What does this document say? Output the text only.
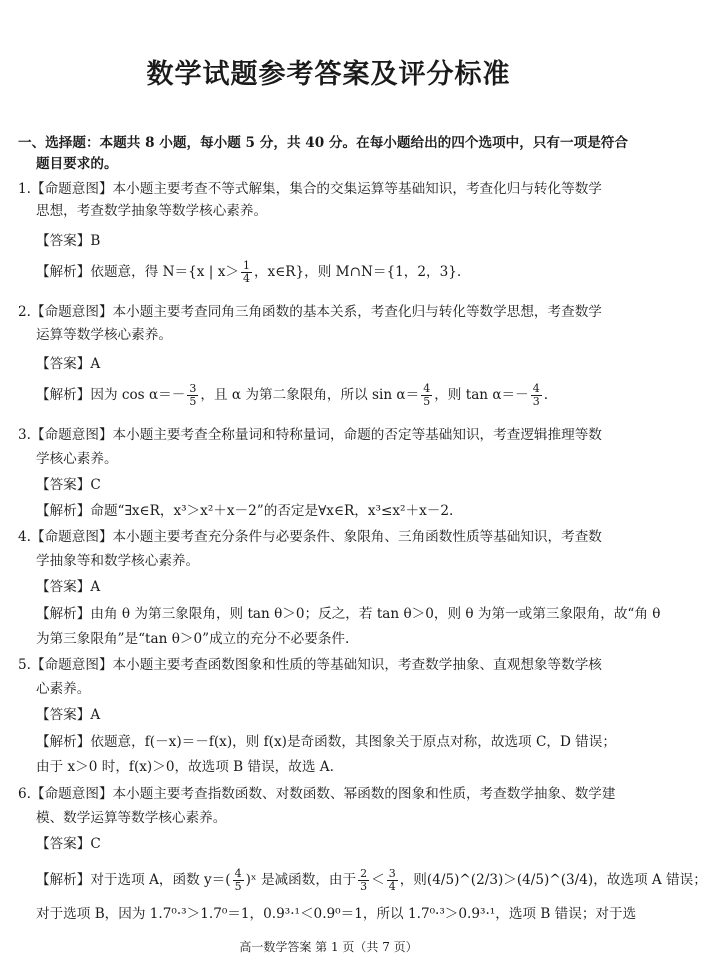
数学试题参考答案及评分标准
一、选择题：本题共 8 小题，每小题 5 分，共 40 分。在每小题给出的四个选项中，只有一项是符合
题目要求的。
1.【命题意图】本小题主要考查不等式解集，集合的交集运算等基础知识，考查化归与转化等数学
思想，考查数学抽象等数学核心素养。
【答案】B
【解析】依题意，得 N＝{x | $x> \frac{1}{4}$ ，x∈R}，则 M∩N＝{1，2，3}.
2.【命题意图】本小题主要考查同角三角函数的基本关系，考查化归与转化等数学思想，考查数学
运算等数学核心素养。
【答案】A
【解析】因为 $\cos \alpha=- \frac{3}{5}$ ，且 α 为第二象限角，所以 $\sin \alpha= \frac{4}{5}$ ，则 $\tan \alpha=- \frac{4}{3}$ .
3.【命题意图】本小题主要考查全称量词和特称量词，命题的否定等基础知识，考查逻辑推理等数
学核心素养。
【答案】C
【解析】命题“∃x∈R，x³＞x²＋x－2”的否定是∀x∈R，x³≤x²＋x－2.
4.【命题意图】本小题主要考查充分条件与必要条件、象限角、三角函数性质等基础知识，考查数
学抽象等和数学核心素养。
【答案】A
【解析】由角 θ 为第三象限角，则 tan θ＞0；反之，若 tan θ＞0，则 θ 为第一或第三象限角，故“角 θ
为第三象限角”是“tan θ＞0”成立的充分不必要条件.
5.【命题意图】本小题主要考查函数图象和性质的等基础知识，考查数学抽象、直观想象等数学核
心素养。
【答案】A
【解析】依题意，f(－x)＝－f(x)，则 f(x)是奇函数，其图象关于原点对称，故选项 C，D 错误；
由于 x＞0 时，f(x)＞0，故选项 B 错误，故选 A.
6.【命题意图】本小题主要考查指数函数、对数函数、幂函数的图象和性质，考查数学抽象、数学建
模、数学运算等数学核心素养。
【答案】C
【解析】对于选项 A，函数 $y=( \frac{4}{5}$ )ˣ 是减函数，由于 $\frac{2}{3} < \frac{3}{4}$ ，则(4/5)^(2/3)＞(4/5)^(3/4)，故选项 A 错误；
对于选项 B，因为 1.7⁰·³＞1.7⁰＝1，0.9³·¹＜0.9⁰＝1，所以 1.7⁰·³＞0.9³·¹，选项 B 错误；对于选
高一数学答案 第 1 页（共 7 页）
